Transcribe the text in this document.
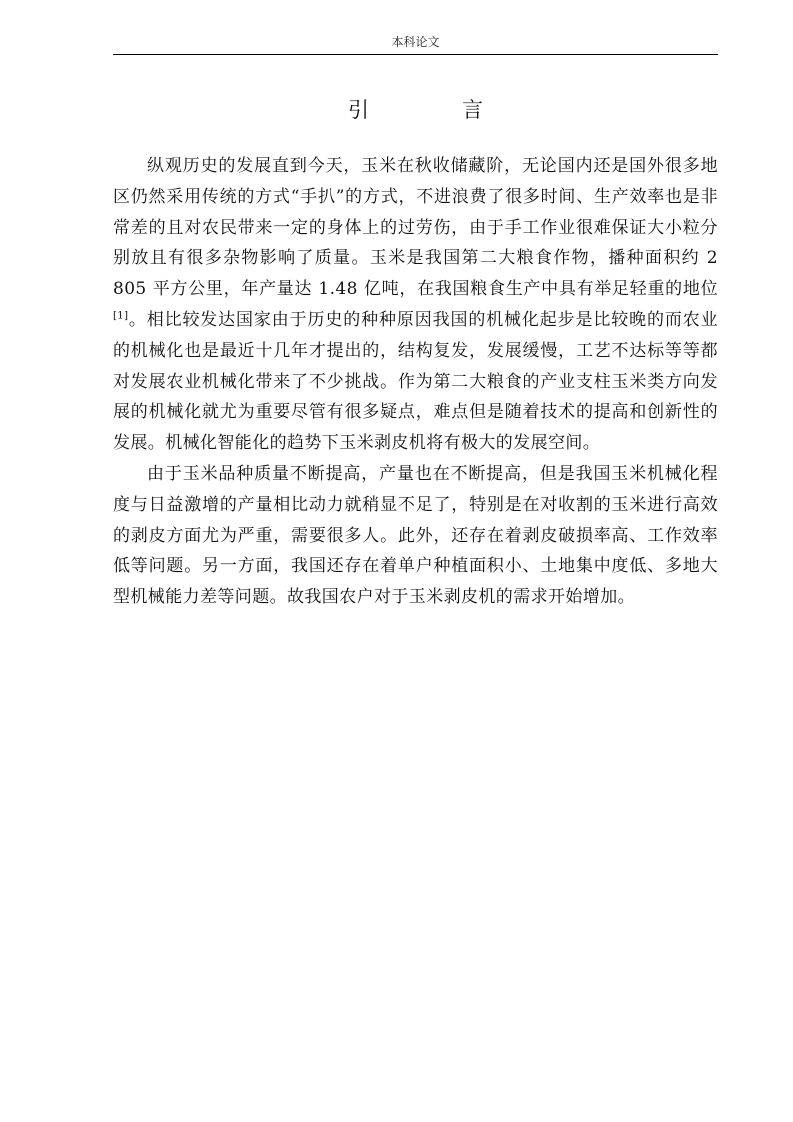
本科论文
引　言

纵观历史的发展直到今天，玉米在秋收储藏阶，无论国内还是国外很多地区仍然采用传统的方式“手扒”的方式，不进浪费了很多时间、生产效率也是非常差的且对农民带来一定的身体上的过劳伤，由于手工作业很难保证大小粒分别放且有很多杂物影响了质量。玉米是我国第二大粮食作物，播种面积约 2 805 平方公里，年产量达 1.48 亿吨，在我国粮食生产中具有举足轻重的地位[1]。相比较发达国家由于历史的种种原因我国的机械化起步是比较晚的而农业的机械化也是最近十几年才提出的，结构复发，发展缓慢，工艺不达标等等都对发展农业机械化带来了不少挑战。作为第二大粮食的产业支柱玉米类方向发展的机械化就尤为重要尽管有很多疑点，难点但是随着技术的提高和创新性的发展。机械化智能化的趋势下玉米剥皮机将有极大的发展空间。

由于玉米品种质量不断提高，产量也在不断提高，但是我国玉米机械化程度与日益激增的产量相比动力就稍显不足了，特别是在对收割的玉米进行高效的剥皮方面尤为严重，需要很多人。此外，还存在着剥皮破损率高、工作效率低等问题。另一方面，我国还存在着单户种植面积小、土地集中度低、多地大型机械能力差等问题。故我国农户对于玉米剥皮机的需求开始增加。
